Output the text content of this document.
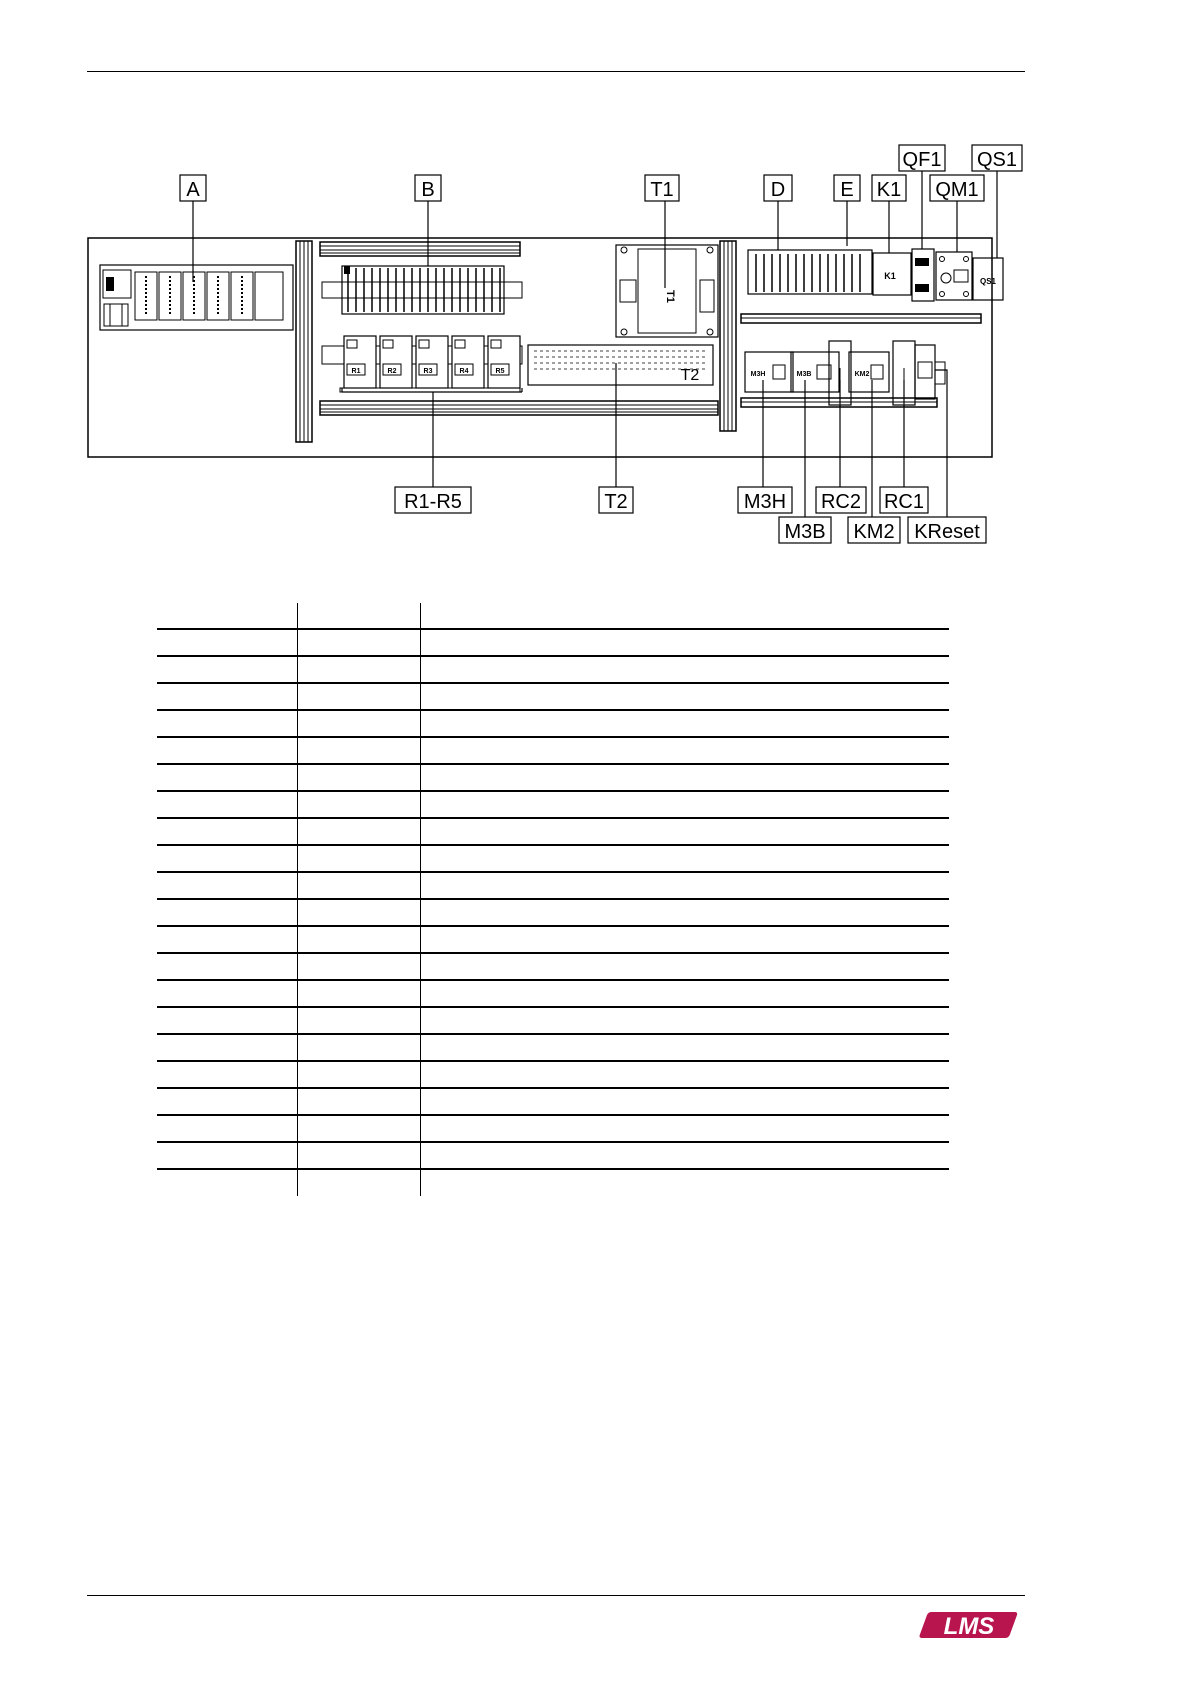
R1	R2	R3	R4	R5
T1
T2
K1
QS1
M3H	M3B	KM2
A	B	T1	D	E K1
QF1
QM1
QS1
R1-R5	T2	M3H RC2 RC1
M3B KM2 KReset

LMS
